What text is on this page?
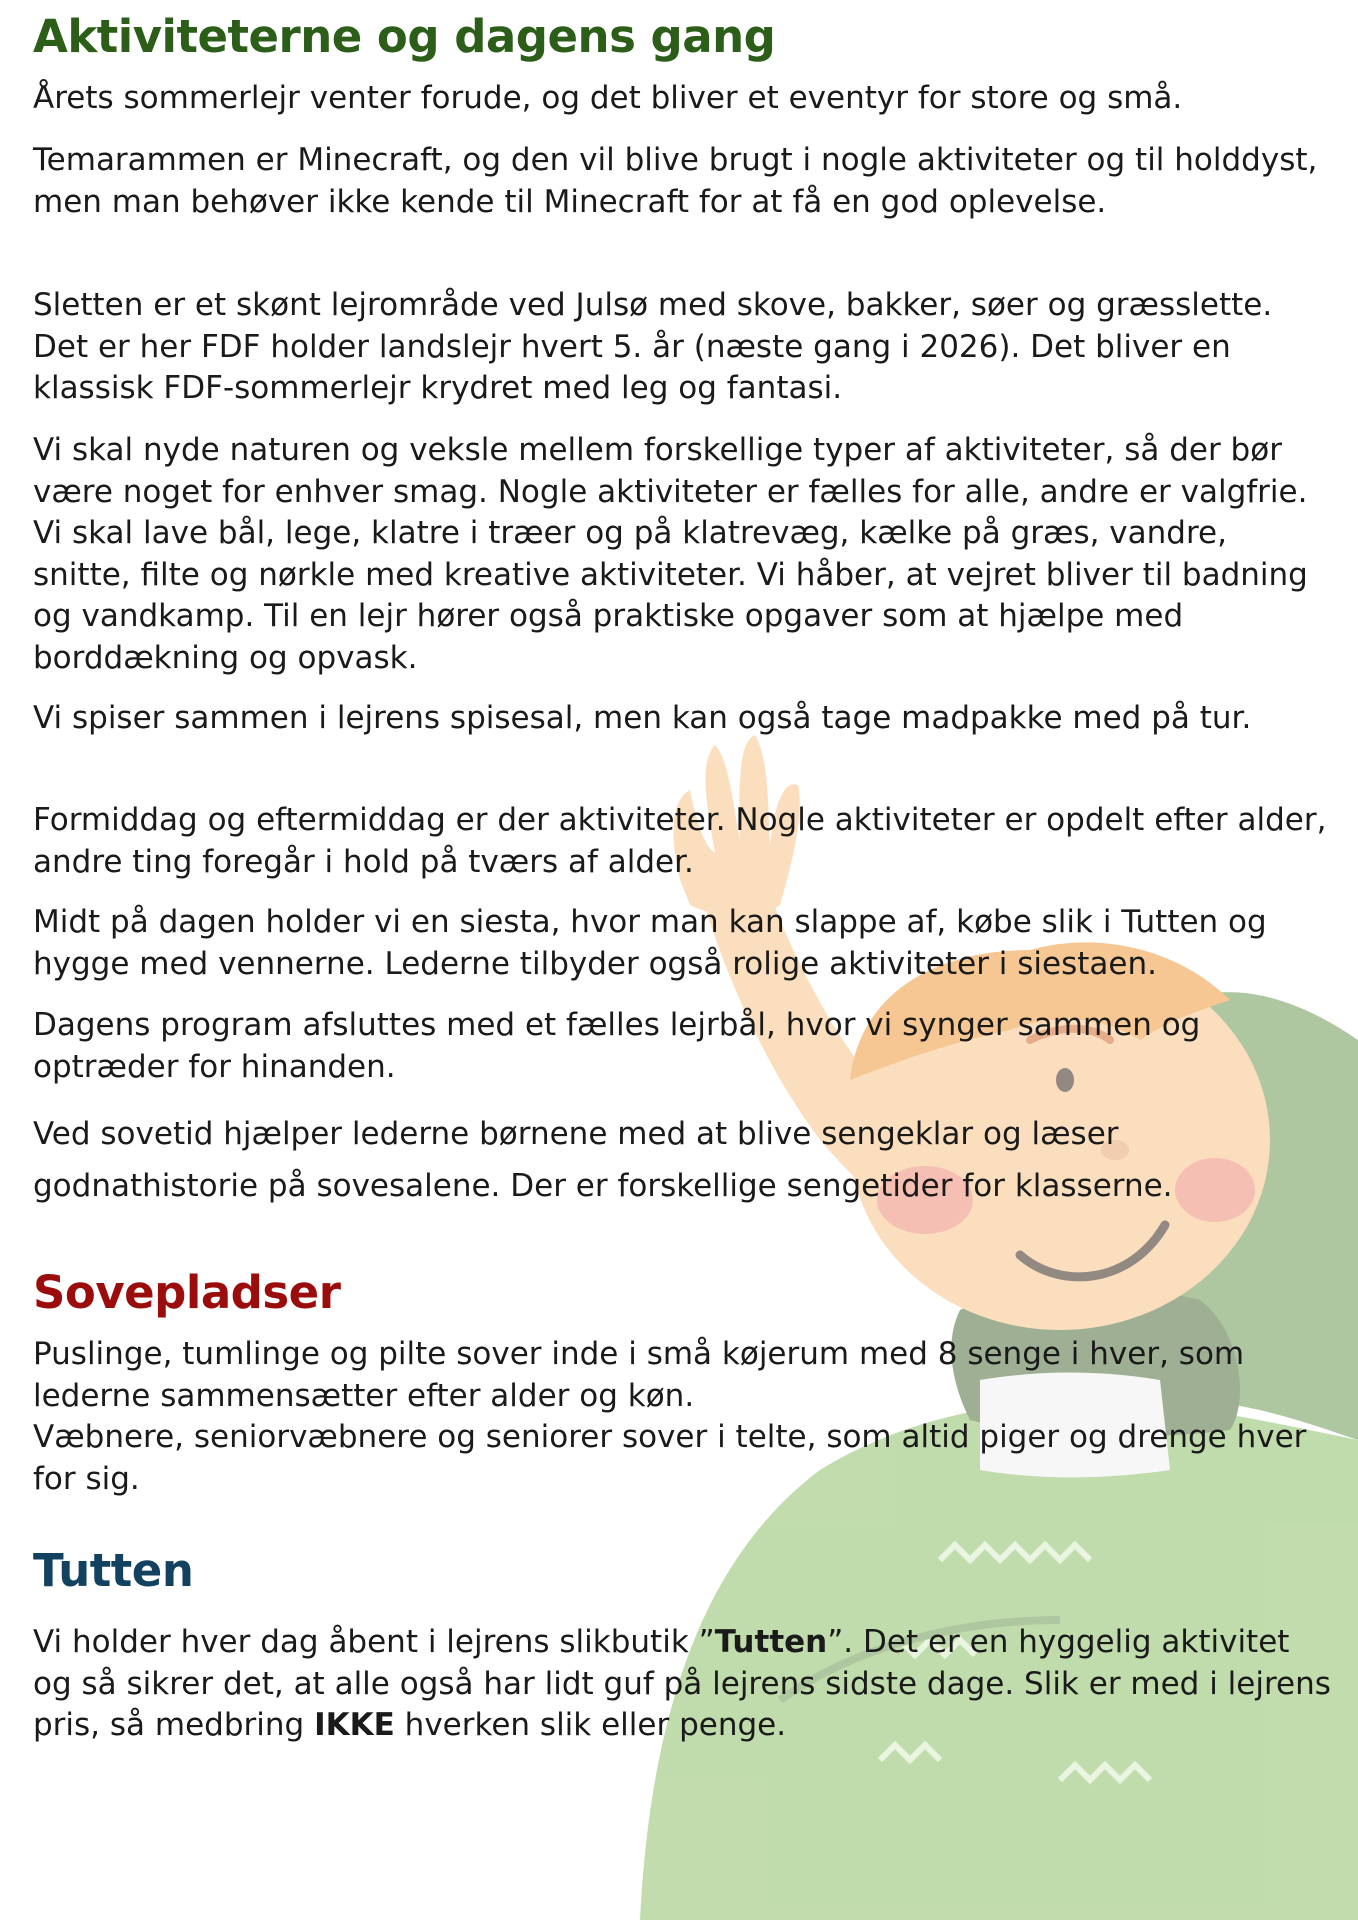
Aktiviteterne og dagens gang

Årets sommerlejr venter forude, og det bliver et eventyr for store og små.

Temarammen er Minecraft, og den vil blive brugt i nogle aktiviteter og til holddyst, men man behøver ikke kende til Minecraft for at få en god oplevelse.

Sletten er et skønt lejrområde ved Julsø med skove, bakker, søer og græsslette. Det er her FDF holder landslejr hvert 5. år (næste gang i 2026). Det bliver en klassisk FDF-sommerlejr krydret med leg og fantasi.

Vi skal nyde naturen og veksle mellem forskellige typer af aktiviteter, så der bør være noget for enhver smag. Nogle aktiviteter er fælles for alle, andre er valgfrie. Vi skal lave bål, lege, klatre i træer og på klatrevæg, kælke på græs, vandre, snitte, filte og nørkle med kreative aktiviteter. Vi håber, at vejret bliver til badning og vandkamp. Til en lejr hører også praktiske opgaver som at hjælpe med borddækning og opvask.

Vi spiser sammen i lejrens spisesal, men kan også tage madpakke med på tur.

Formiddag og eftermiddag er der aktiviteter. Nogle aktiviteter er opdelt efter alder, andre ting foregår i hold på tværs af alder.

Midt på dagen holder vi en siesta, hvor man kan slappe af, købe slik i Tutten og hygge med vennerne. Lederne tilbyder også rolige aktiviteter i siestaen.

Dagens program afsluttes med et fælles lejrbål, hvor vi synger sammen og optræder for hinanden.

Ved sovetid hjælper lederne børnene med at blive sengeklar og læser godnathistorie på sovesalene. Der er forskellige sengetider for klasserne.

Sovepladser

Puslinge, tumlinge og pilte sover inde i små køjerum med 8 senge i hver, som lederne sammensætter efter alder og køn.
Væbnere, seniorvæbnere og seniorer sover i telte, som altid piger og drenge hver for sig.

Tutten

Vi holder hver dag åbent i lejrens slikbutik ”Tutten”. Det er en hyggelig aktivitet og så sikrer det, at alle også har lidt guf på lejrens sidste dage. Slik er med i lejrens pris, så medbring IKKE hverken slik eller penge.
